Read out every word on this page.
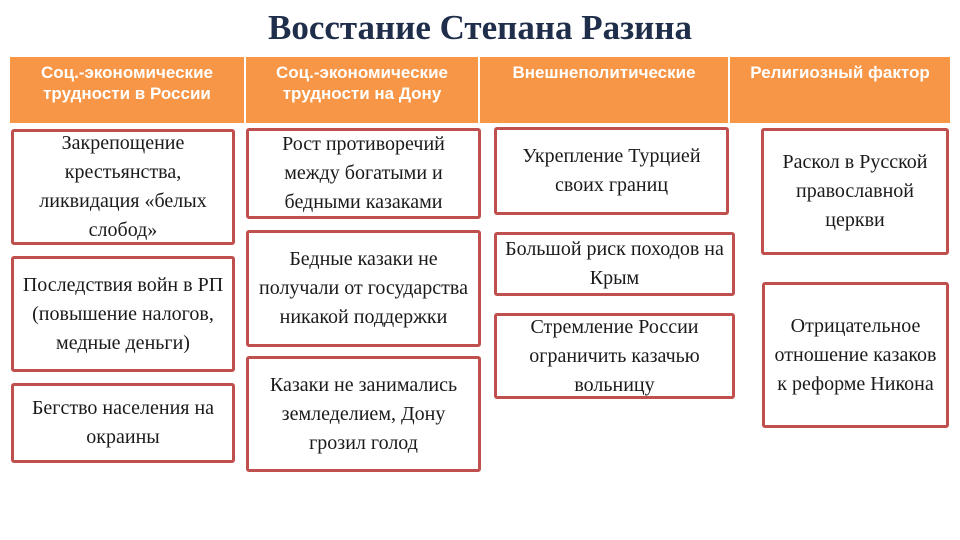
Восстание Степана Разина
Соц.-экономические трудности в России
Соц.-экономические трудности на Дону
Внешнеполитические	Религиозный фактор
Закрепощение крестьянства, ликвидация «белых слобод»
Последствия войн в РП (повышение налогов, медные деньги)
Бегство населения на окраины
Рост противоречий между богатыми и бедными казаками
Бедные казаки не получали от государства никакой поддержки
Казаки не занимались земледелием, Дону грозил голод
Укрепление Турцией своих границ
Большой риск походов на Крым
Стремление России ограничить казачью вольницу
Раскол в Русской православной церкви
Отрицательное отношение казаков к реформе Никона
